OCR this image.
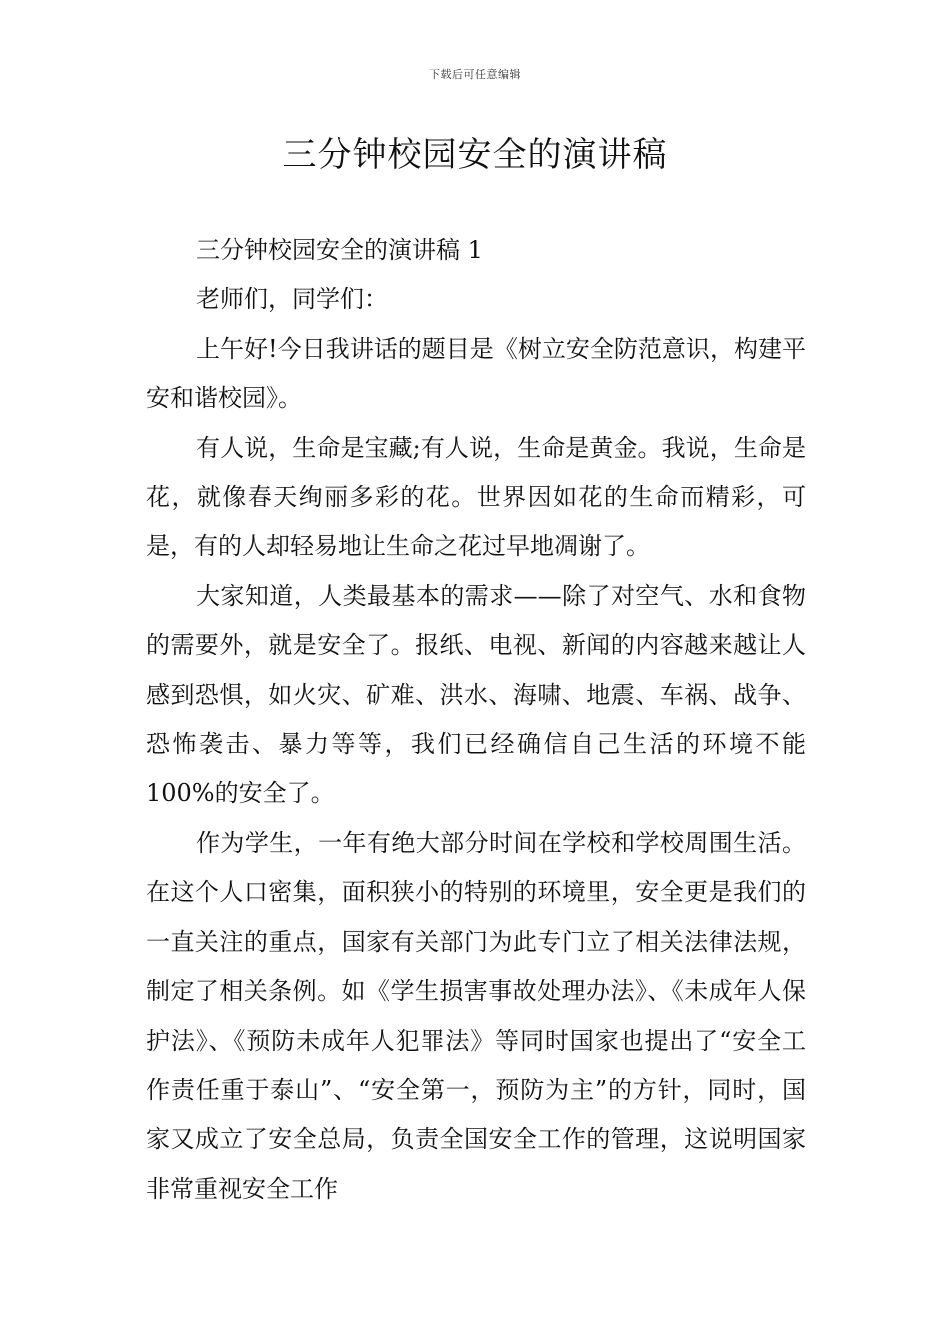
下载后可任意编辑
三分钟校园安全的演讲稿

三分钟校园安全的演讲稿 1

老师们，同学们：

上午好!今日我讲话的题目是《树立安全防范意识，构建平安和谐校园》。

有人说，生命是宝藏;有人说，生命是黄金。我说，生命是花，就像春天绚丽多彩的花。世界因如花的生命而精彩，可是，有的人却轻易地让生命之花过早地凋谢了。

大家知道，人类最基本的需求——除了对空气、水和食物的需要外，就是安全了。报纸、电视、新闻的内容越来越让人感到恐惧，如火灾、矿难、洪水、海啸、地震、车祸、战争、恐怖袭击、暴力等等，我们已经确信自己生活的环境不能 100%的安全了。

作为学生，一年有绝大部分时间在学校和学校周围生活。在这个人口密集，面积狭小的特别的环境里，安全更是我们的一直关注的重点，国家有关部门为此专门立了相关法律法规，制定了相关条例。如《学生损害事故处理办法》、《未成年人保护法》、《预防未成年人犯罪法》等同时国家也提出了“安全工作责任重于泰山”、“安全第一，预防为主”的方针，同时，国家又成立了安全总局，负责全国安全工作的管理，这说明国家非常重视安全工作
